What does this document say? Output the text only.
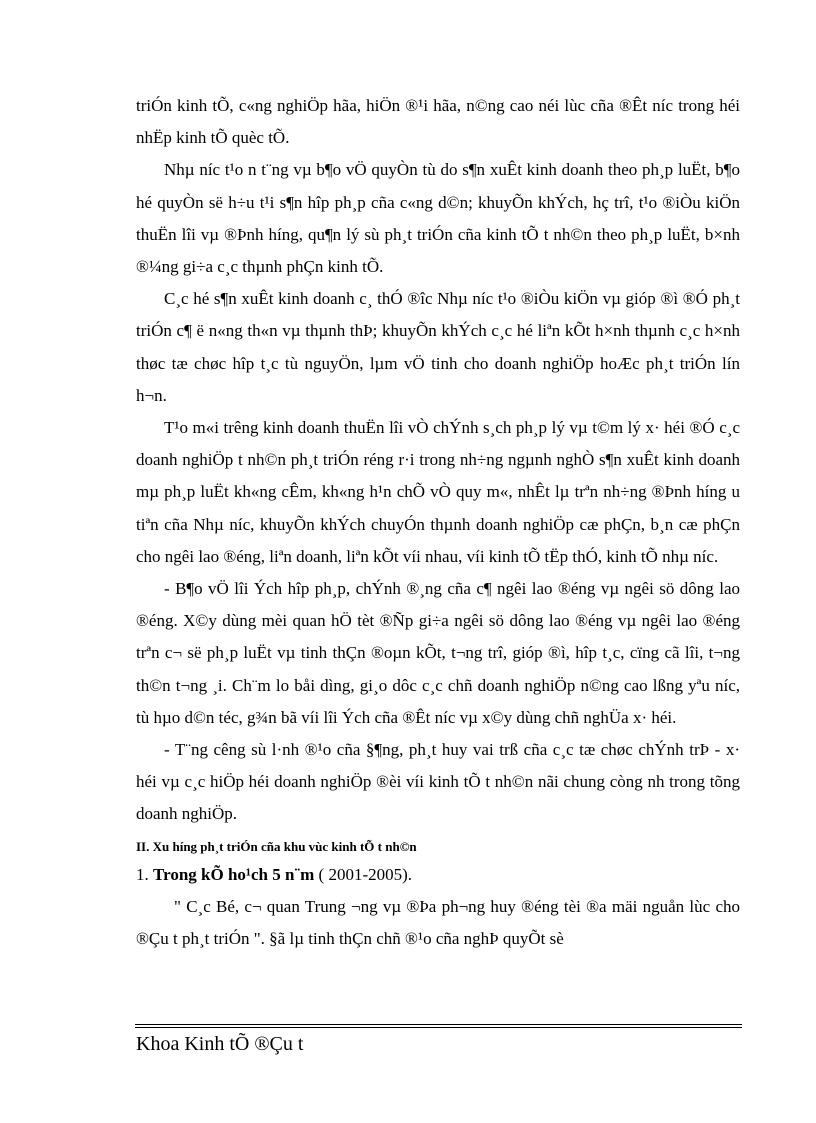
triÓn kinh tÕ, c«ng nghiÖp hãa, hiÖn ®¹i hãa, n©ng cao néi lùc cña ®Êt níc trong héi nhËp kinh tÕ quèc tÕ.

Nhµ níc t¹o n t¨ng vµ b¶o vÖ quyÒn tù do s¶n xuÊt kinh doanh theo ph¸p luËt, b¶o hé quyÒn së h÷u t¹i s¶n hîp ph¸p cña c«ng d©n; khuyÕn khÝch, hç trî, t¹o ®iÒu kiÖn thuËn lîi vµ ®Þnh híng, qu¶n lý sù ph¸t triÓn cña kinh tÕ t nh©n theo ph¸p luËt, b×nh ®¼ng gi÷a c¸c thµnh phÇn kinh tÕ.

C¸c hé s¶n xuÊt kinh doanh c¸ thÓ ®îc Nhµ níc t¹o ®iÒu kiÖn vµ gióp ®ì ®Ó ph¸t triÓn c¶ ë n«ng th«n vµ thµnh thÞ; khuyÕn khÝch c¸c hé liªn kÕt h×nh thµnh c¸c h×nh thøc tæ chøc hîp t¸c tù nguyÖn, lµm vÖ tinh cho doanh nghiÖp hoÆc ph¸t triÓn lín h¬n.

T¹o m«i trêng kinh doanh thuËn lîi vÒ chÝnh s¸ch ph¸p lý vµ t©m lý x· héi ®Ó c¸c doanh nghiÖp t nh©n ph¸t triÓn réng r·i trong nh÷ng ngµnh nghÒ s¶n xuÊt kinh doanh mµ ph¸p luËt kh«ng cÊm, kh«ng h¹n chÕ vÒ quy m«, nhÊt lµ trªn nh÷ng ®Þnh híng u tiªn cña Nhµ níc, khuyÕn khÝch chuyÓn thµnh doanh nghiÖp cæ phÇn, b¸n cæ phÇn cho ngêi lao ®éng, liªn doanh, liªn kÕt víi nhau, víi kinh tÕ tËp thÓ, kinh tÕ nhµ níc.

- B¶o vÖ lîi Ých hîp ph¸p, chÝnh ®¸ng cña c¶ ngêi lao ®éng vµ ngêi sö dông lao ®éng. X©y dùng mèi quan hÖ tèt ®Ñp gi÷a ngêi sö dông lao ®éng vµ ngêi lao ®éng trªn c¬ së ph¸p luËt vµ tinh thÇn ®oµn kÕt, t¬ng trî, gióp ®ì, hîp t¸c, cïng cã lîi, t¬ng th©n t¬ng ¸i. Ch¨m lo båi dìng, gi¸o dôc c¸c chñ doanh nghiÖp n©ng cao lßng yªu níc, tù hµo d©n téc, g¾n bã víi lîi Ých cña ®Êt níc vµ x©y dùng chñ nghÜa x· héi.

- T¨ng cêng sù l·nh ®¹o cña §¶ng, ph¸t huy vai trß cña c¸c tæ chøc chÝnh trÞ - x· héi vµ c¸c hiÖp héi doanh nghiÖp ®èi víi kinh tÕ t nh©n nãi chung còng nh trong tõng doanh nghiÖp.

II. Xu híng ph¸t triÓn cña khu vùc kinh tÕ t nh©n

1. Trong kÕ ho¹ch 5 n¨m ( 2001-2005).

" C¸c Bé, c¬ quan Trung ¬ng vµ ®Þa ph¬ng huy ®éng tèi ®a mäi nguån lùc cho ®Çu t ph¸t triÓn ". §ã lµ tinh thÇn chñ ®¹o cña nghÞ quyÕt sè

Khoa Kinh tÕ ®Çu t
